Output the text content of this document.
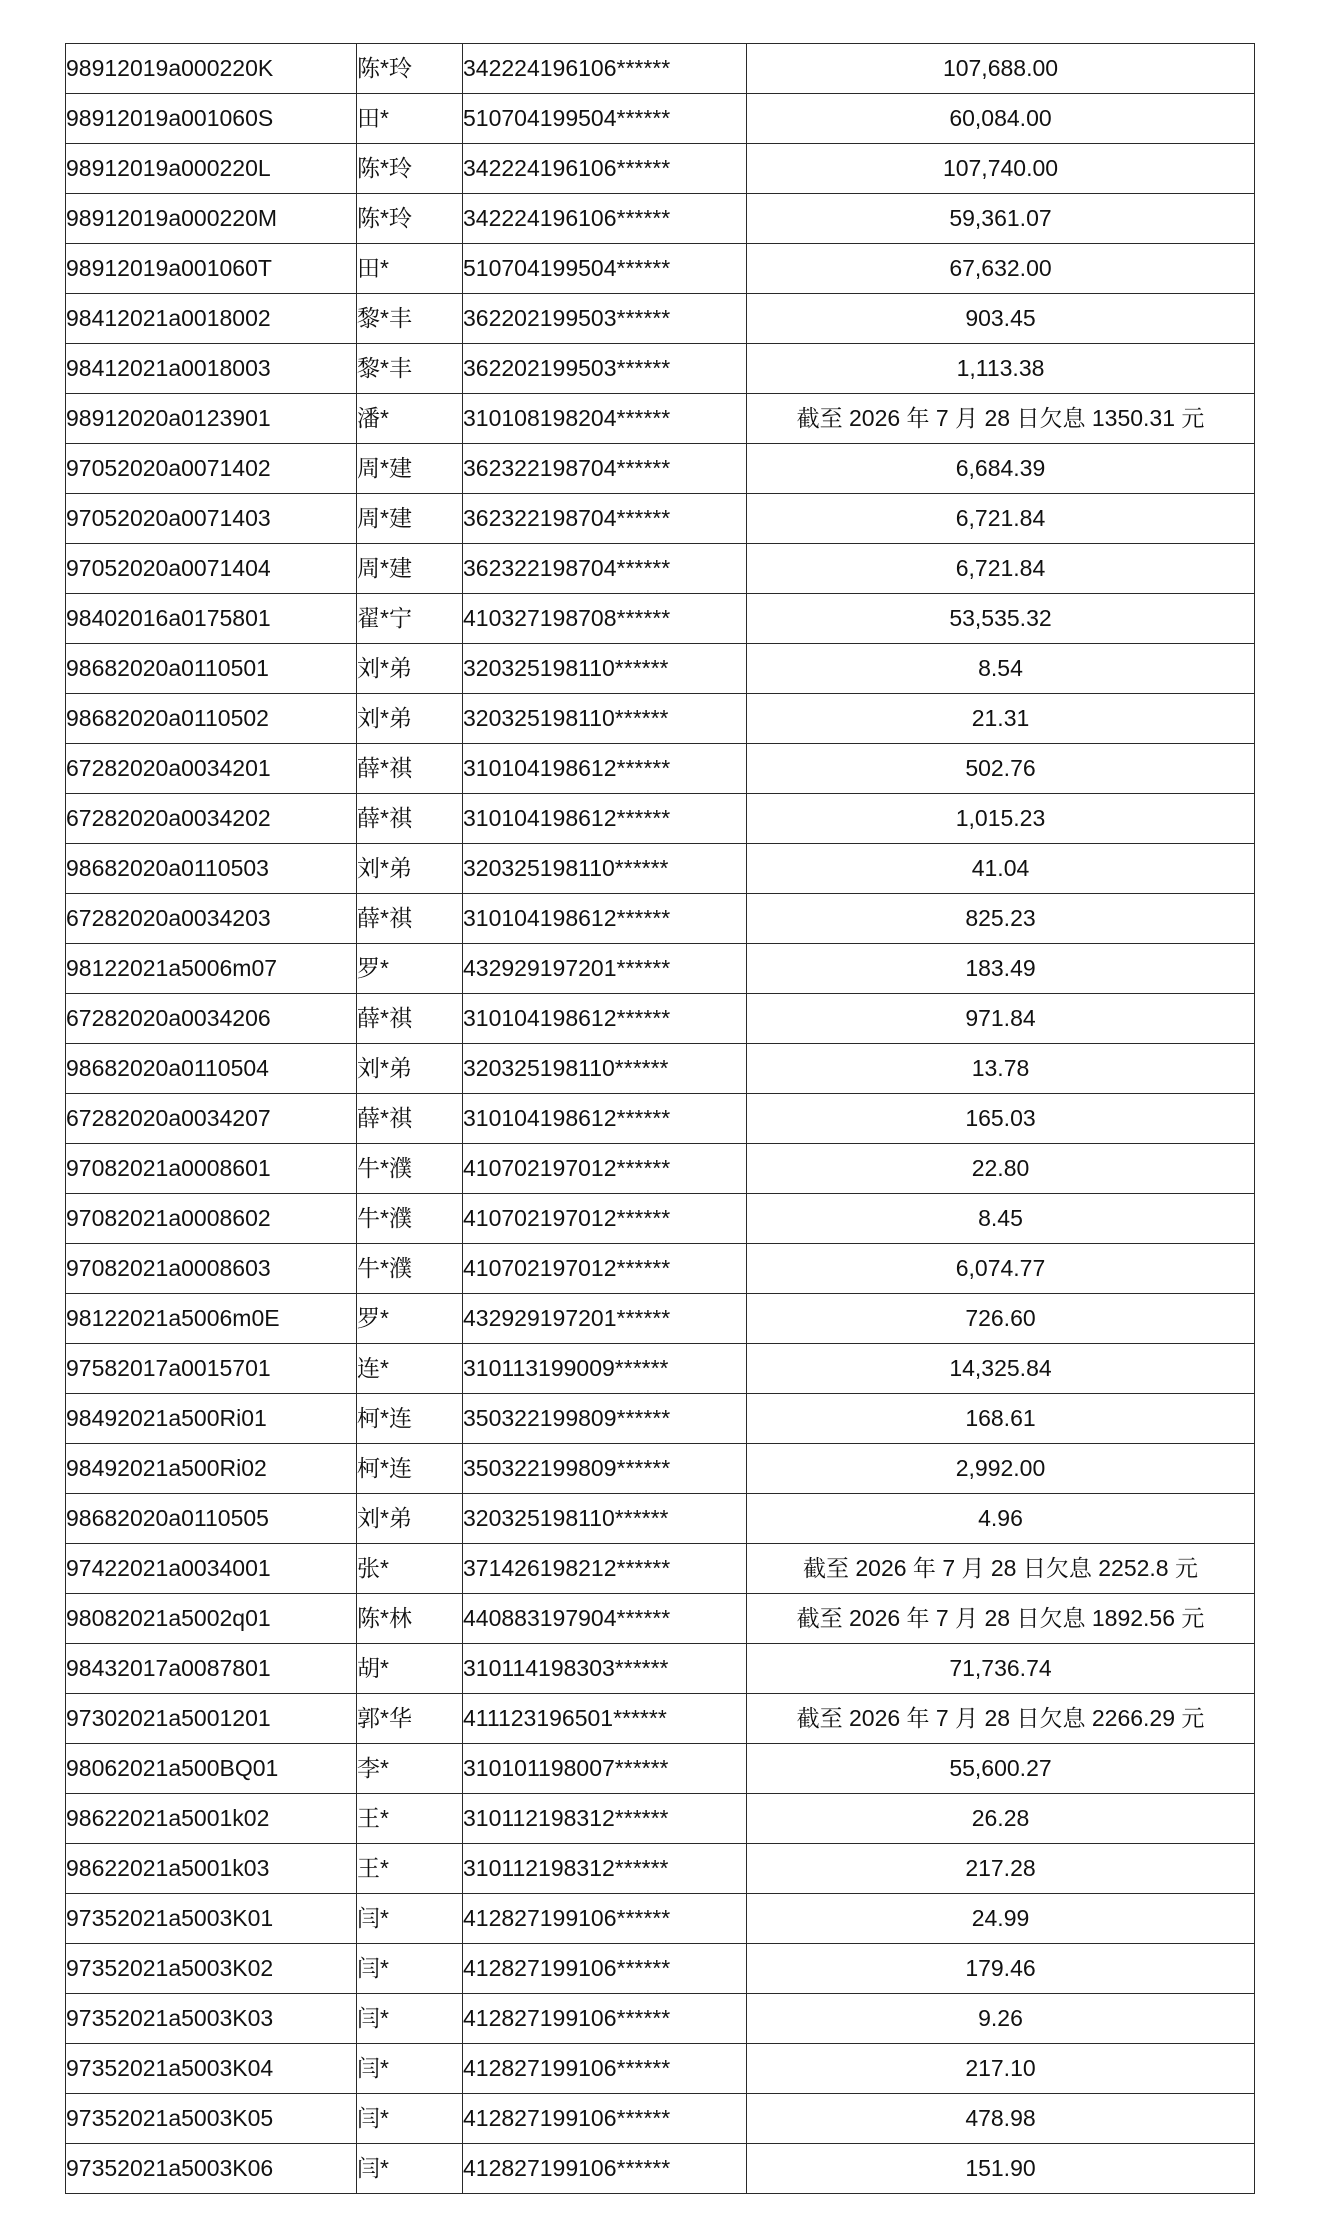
98912019a000220K	陈*玲	342224196106******	107,688.00
98912019a001060S	田*	510704199504******	60,084.00
98912019a000220L	陈*玲	342224196106******	107,740.00
98912019a000220M	陈*玲	342224196106******	59,361.07
98912019a001060T	田*	510704199504******	67,632.00
98412021a0018002	黎*丰	362202199503******	903.45
98412021a0018003	黎*丰	362202199503******	1,113.38
98912020a0123901	潘*	310108198204******	截至 2026 年 7 月 28 日欠息 1350.31 元
97052020a0071402	周*建	362322198704******	6,684.39
97052020a0071403	周*建	362322198704******	6,721.84
97052020a0071404	周*建	362322198704******	6,721.84
98402016a0175801	翟*宁	410327198708******	53,535.32
98682020a0110501	刘*弟	320325198110******	8.54
98682020a0110502	刘*弟	320325198110******	21.31
67282020a0034201	薛*祺	310104198612******	502.76
67282020a0034202	薛*祺	310104198612******	1,015.23
98682020a0110503	刘*弟	320325198110******	41.04
67282020a0034203	薛*祺	310104198612******	825.23
98122021a5006m07	罗*	432929197201******	183.49
67282020a0034206	薛*祺	310104198612******	971.84
98682020a0110504	刘*弟	320325198110******	13.78
67282020a0034207	薛*祺	310104198612******	165.03
97082021a0008601	牛*濮	410702197012******	22.80
97082021a0008602	牛*濮	410702197012******	8.45
97082021a0008603	牛*濮	410702197012******	6,074.77
98122021a5006m0E	罗*	432929197201******	726.60
97582017a0015701	连*	310113199009******	14,325.84
98492021a500Ri01	柯*连	350322199809******	168.61
98492021a500Ri02	柯*连	350322199809******	2,992.00
98682020a0110505	刘*弟	320325198110******	4.96
97422021a0034001	张*	371426198212******	截至 2026 年 7 月 28 日欠息 2252.8 元
98082021a5002q01	陈*林	440883197904******	截至 2026 年 7 月 28 日欠息 1892.56 元
98432017a0087801	胡*	310114198303******	71,736.74
97302021a5001201	郭*华	411123196501******	截至 2026 年 7 月 28 日欠息 2266.29 元
98062021a500BQ01	李*	310101198007******	55,600.27
98622021a5001k02	王*	310112198312******	26.28
98622021a5001k03	王*	310112198312******	217.28
97352021a5003K01	闫*	412827199106******	24.99
97352021a5003K02	闫*	412827199106******	179.46
97352021a5003K03	闫*	412827199106******	9.26
97352021a5003K04	闫*	412827199106******	217.10
97352021a5003K05	闫*	412827199106******	478.98
97352021a5003K06	闫*	412827199106******	151.90
